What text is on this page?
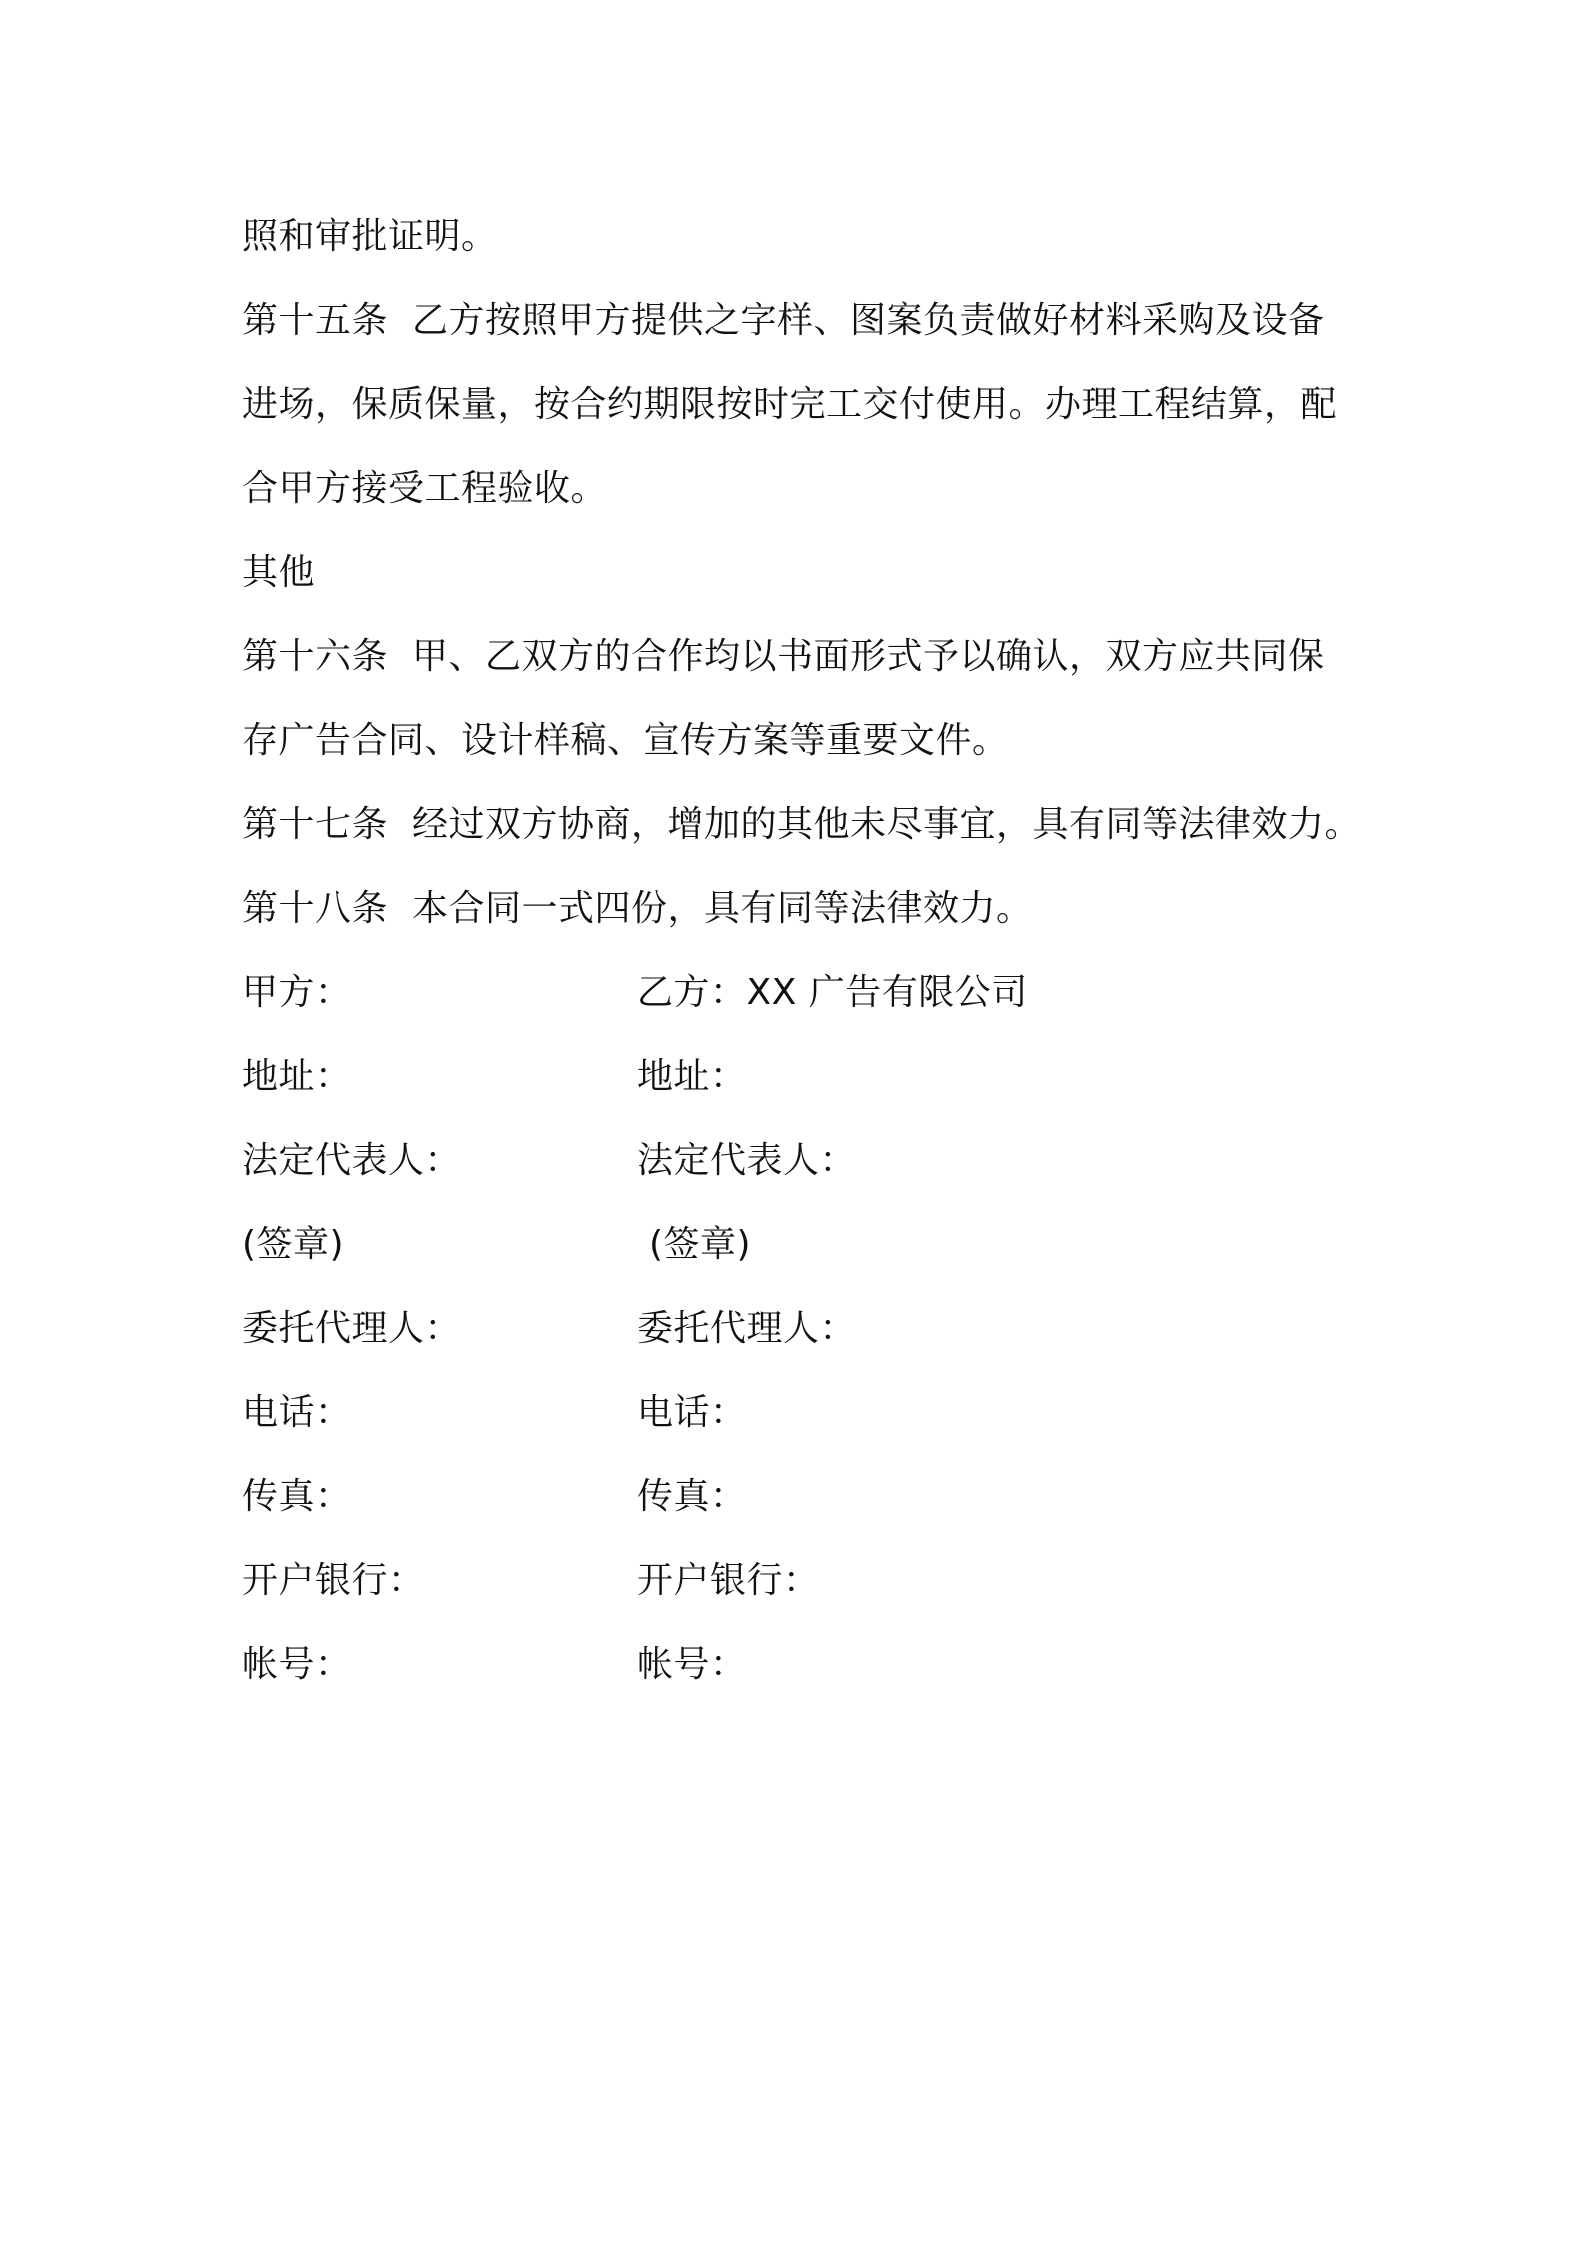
照和审批证明。
第十五条 乙方按照甲方提供之字样、图案负责做好材料采购及设备
进场，保质保量，按合约期限按时完工交付使用。办理工程结算，配
合甲方接受工程验收。
其他
第十六条 甲、乙双方的合作均以书面形式予以确认，双方应共同保
存广告合同、设计样稿、宣传方案等重要文件。
第十七条 经过双方协商，增加的其他未尽事宜，具有同等法律效力。
第十八条 本合同一式四份，具有同等法律效力。
甲方：	乙方：XX 广告有限公司
地址：	地址：
法定代表人：	法定代表人：
(签章)	(签章)
委托代理人：	委托代理人：
电话：	电话：
传真：	传真：
开户银行：	开户银行：
帐号：	帐号：
